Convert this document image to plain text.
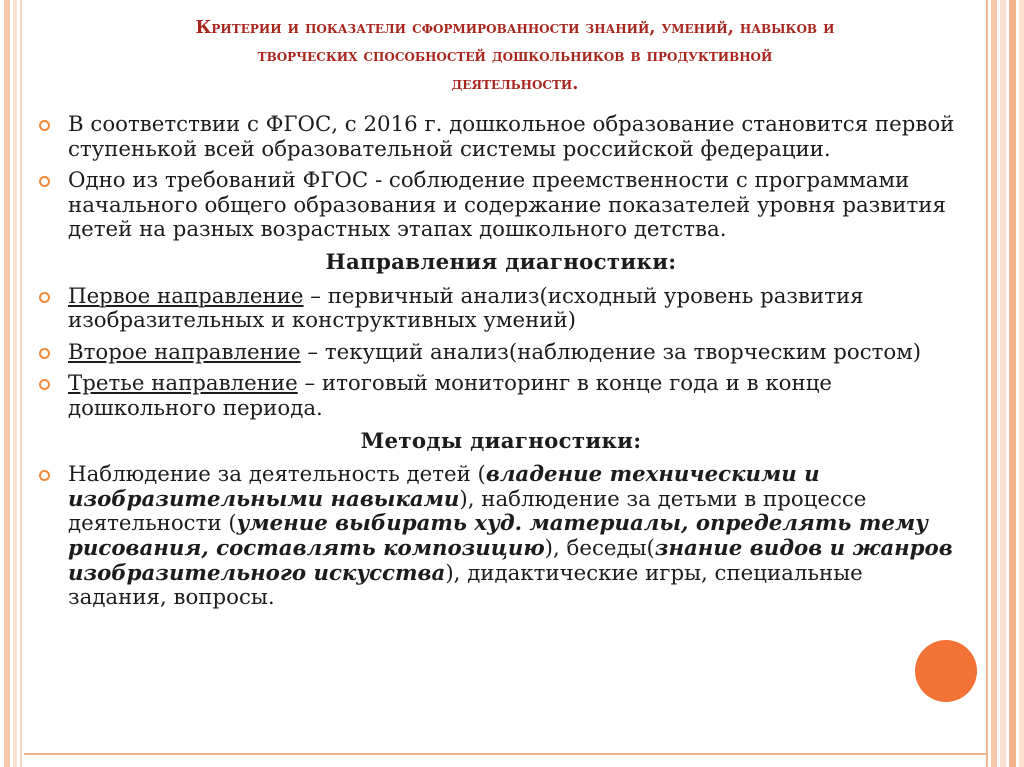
Критерии и показатели сформированности знаний, умений, навыков и
творческих способностей дошкольников в продуктивной
деятельности.
В соответствии с ФГОС, с 2016 г. дошкольное образование становится первой ступенькой всей образовательной системы российской федерации.
Одно из требований ФГОС - соблюдение преемственности с программами начального общего образования и содержание показателей уровня развития детей на разных возрастных этапах дошкольного детства.
Направления диагностики:
Первое направление – первичный анализ(исходный уровень развития изобразительных и конструктивных умений)
Второе направление – текущий анализ(наблюдение за творческим ростом)
Третье направление – итоговый мониторинг в конце года и в конце дошкольного периода.
Методы диагностики:
Наблюдение за деятельность детей (владение техническими и изобразительными навыками), наблюдение за детьми в процессе деятельности (умение выбирать худ. материалы, определять тему рисования, составлять композицию), беседы(знание видов и жанров изобразительного искусства), дидактические игры, специальные задания, вопросы.
